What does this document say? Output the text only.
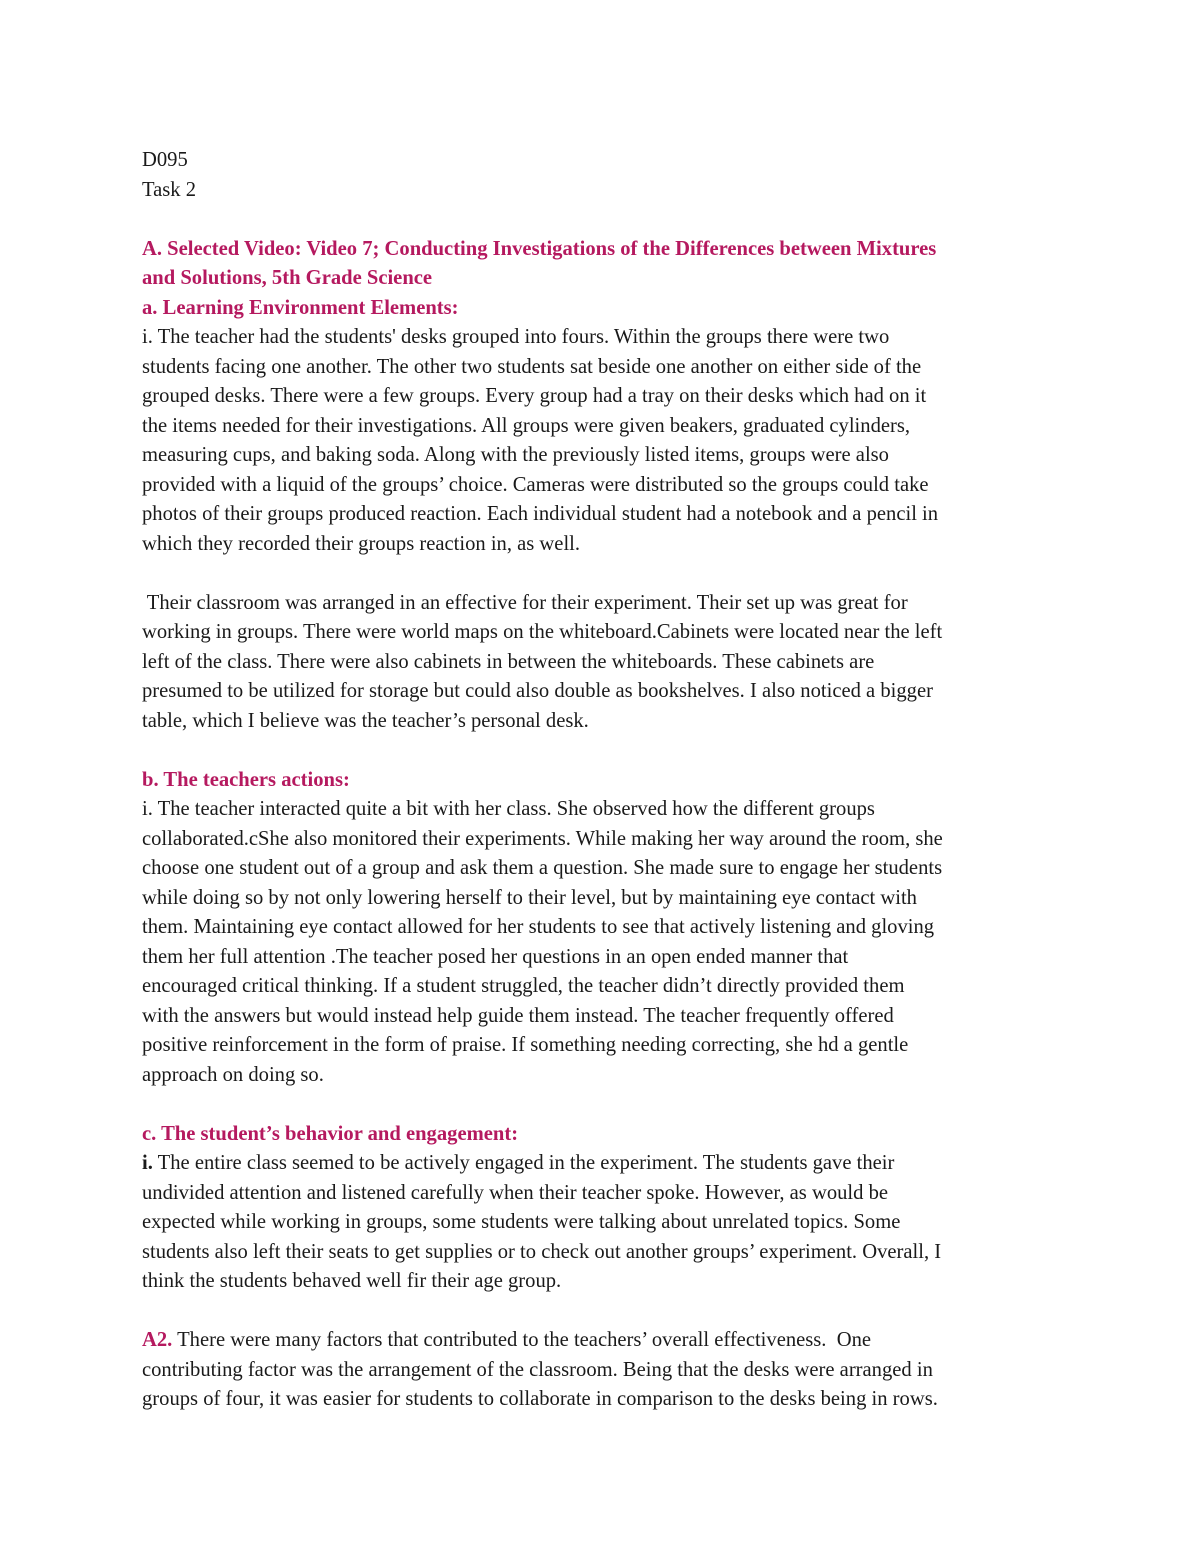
D095
Task 2
A. Selected Video: Video 7; Conducting Investigations of the Differences between Mixtures
and Solutions, 5th Grade Science
a. Learning Environment Elements:
i. The teacher had the students' desks grouped into fours. Within the groups there were two
students facing one another. The other two students sat beside one another on either side of the
grouped desks. There were a few groups. Every group had a tray on their desks which had on it
the items needed for their investigations. All groups were given beakers, graduated cylinders,
measuring cups, and baking soda. Along with the previously listed items, groups were also
provided with a liquid of the groups’ choice. Cameras were distributed so the groups could take
photos of their groups produced reaction. Each individual student had a notebook and a pencil in
which they recorded their groups reaction in, as well.
Their classroom was arranged in an effective for their experiment. Their set up was great for
working in groups. There were world maps on the whiteboard.Cabinets were located near the left
left of the class. There were also cabinets in between the whiteboards. These cabinets are
presumed to be utilized for storage but could also double as bookshelves. I also noticed a bigger
table, which I believe was the teacher’s personal desk.
b. The teachers actions:
i. The teacher interacted quite a bit with her class. She observed how the different groups
collaborated.cShe also monitored their experiments. While making her way around the room, she
choose one student out of a group and ask them a question. She made sure to engage her students
while doing so by not only lowering herself to their level, but by maintaining eye contact with
them. Maintaining eye contact allowed for her students to see that actively listening and gloving
them her full attention .The teacher posed her questions in an open ended manner that
encouraged critical thinking. If a student struggled, the teacher didn’t directly provided them
with the answers but would instead help guide them instead. The teacher frequently offered
positive reinforcement in the form of praise. If something needing correcting, she hd a gentle
approach on doing so.
c. The student’s behavior and engagement:
i. The entire class seemed to be actively engaged in the experiment. The students gave their
undivided attention and listened carefully when their teacher spoke. However, as would be
expected while working in groups, some students were talking about unrelated topics. Some
students also left their seats to get supplies or to check out another groups’ experiment. Overall, I
think the students behaved well fir their age group.
A2. There were many factors that contributed to the teachers’ overall effectiveness.  One
contributing factor was the arrangement of the classroom. Being that the desks were arranged in
groups of four, it was easier for students to collaborate in comparison to the desks being in rows.
